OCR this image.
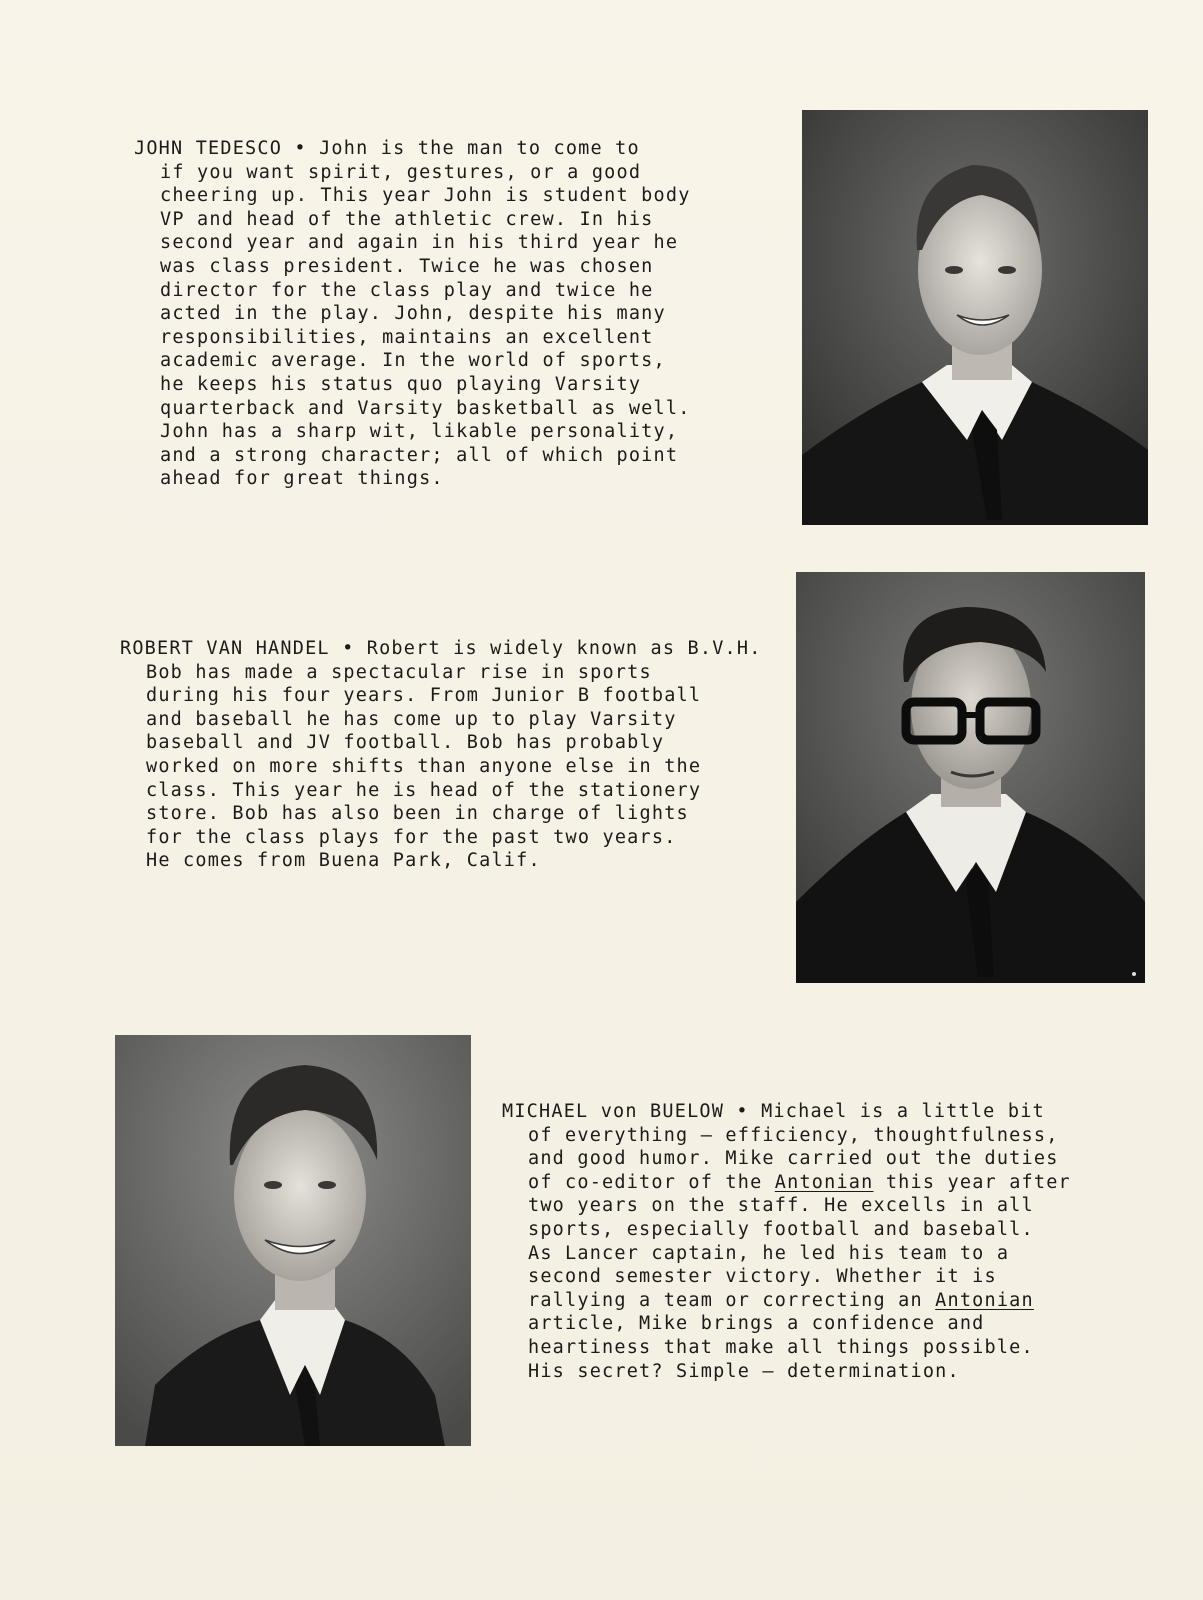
JOHN TEDESCO • John is the man to come to
if you want spirit, gestures, or a good
cheering up. This year John is student body
VP and head of the athletic crew. In his
second year and again in his third year he
was class president. Twice he was chosen
director for the class play and twice he
acted in the play. John, despite his many
responsibilities, maintains an excellent
academic average. In the world of sports,
he keeps his status quo playing Varsity
quarterback and Varsity basketball as well.
John has a sharp wit, likable personality,
and a strong character; all of which point
ahead for great things.
ROBERT VAN HANDEL • Robert is widely known as B.V.H.
Bob has made a spectacular rise in sports
during his four years. From Junior B football
and baseball he has come up to play Varsity
baseball and JV football. Bob has probably
worked on more shifts than anyone else in the
class. This year he is head of the stationery
store. Bob has also been in charge of lights
for the class plays for the past two years.
He comes from Buena Park, Calif.
MICHAEL von BUELOW • Michael is a little bit
of everything — efficiency, thoughtfulness,
and good humor. Mike carried out the duties
of co-editor of the Antonian this year after
two years on the staff. He excells in all
sports, especially football and baseball.
As Lancer captain, he led his team to a
second semester victory. Whether it is
rallying a team or correcting an Antonian
article, Mike brings a confidence and
heartiness that make all things possible.
His secret? Simple — determination.
